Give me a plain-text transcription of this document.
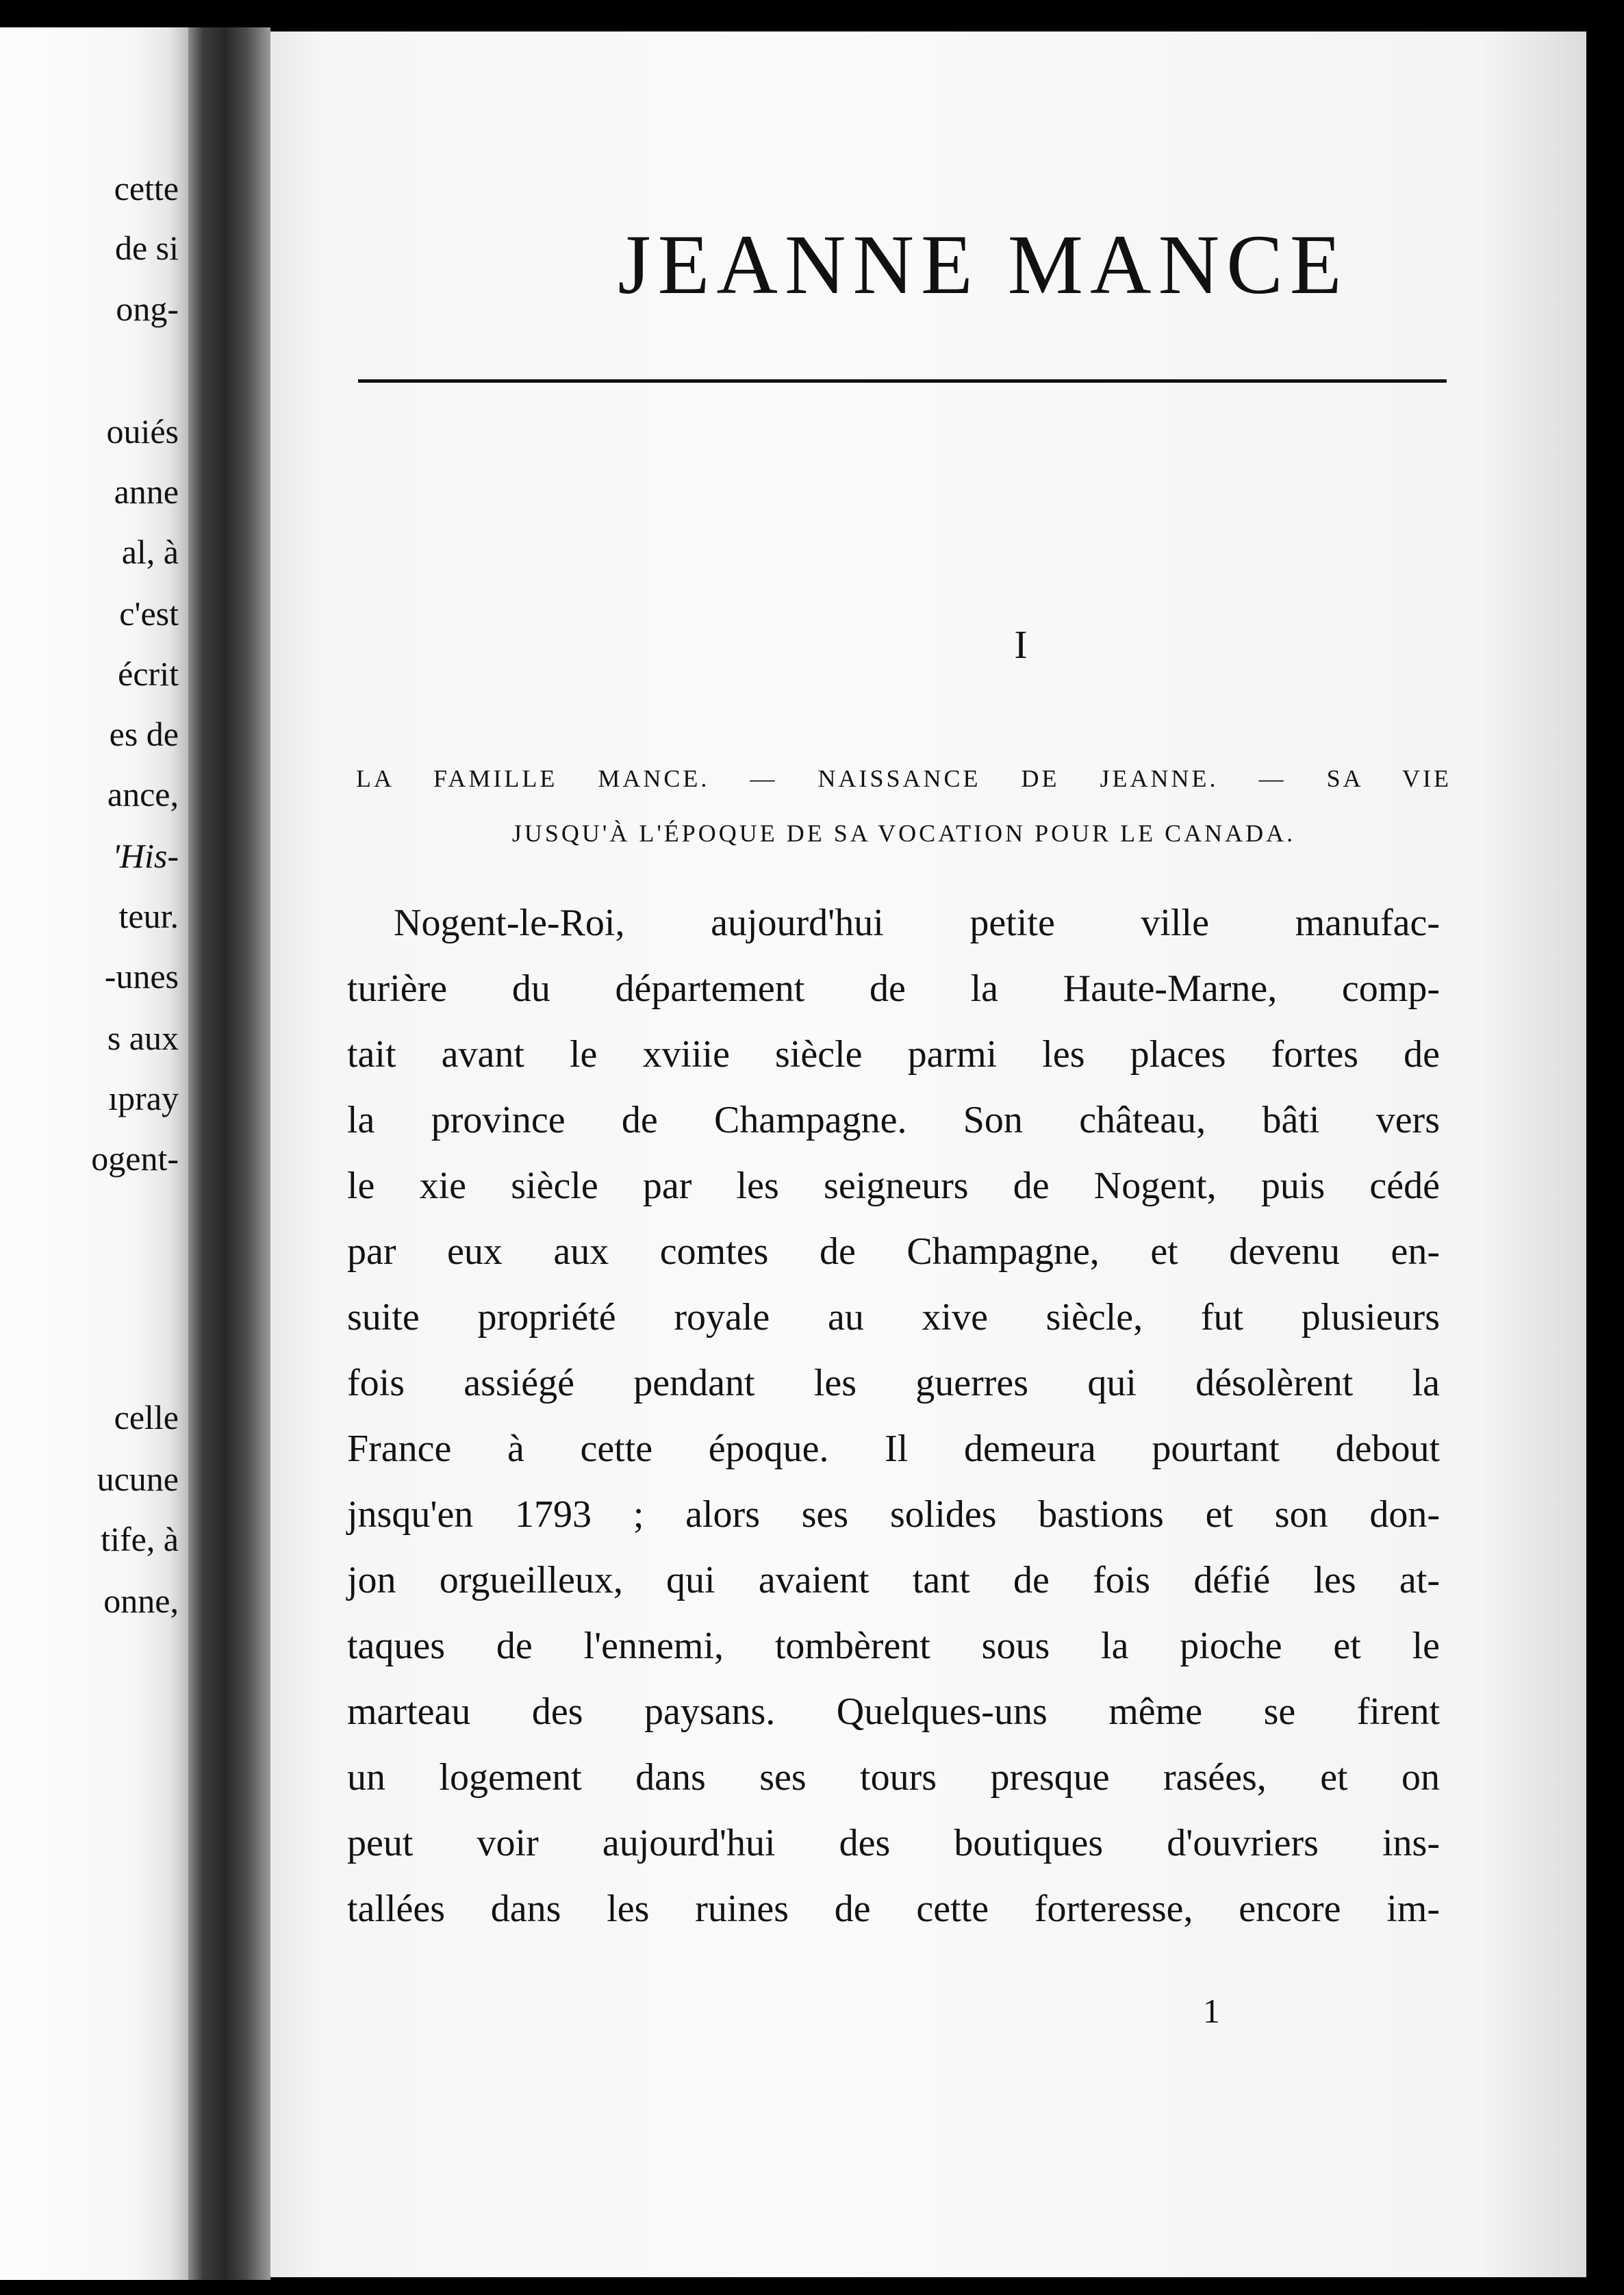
cette

de si

ong-

ouiés

anne

al, à

c'est

écrit

es de

ance,

'His-

teur.

-unes

s aux

ıpray

ogent-

celle

ucune

tife, à

onne,

JEANNE MANCE

I

LA FAMILLE MANCE. — NAISSANCE DE JEANNE. — SA VIE

JUSQU'À L'ÉPOQUE DE SA VOCATION POUR LE CANADA.

Nogent-le-Roi, aujourd'hui petite ville manufac-

turière du département de la Haute-Marne, comp-

tait avant le xviiie siècle parmi les places fortes de

la province de Champagne. Son château, bâti vers

le xie siècle par les seigneurs de Nogent, puis cédé

par eux aux comtes de Champagne, et devenu en-

suite propriété royale au xive siècle, fut plusieurs

fois assiégé pendant les guerres qui désolèrent la

France à cette époque. Il demeura pourtant debout

jnsqu'en 1793 ; alors ses solides bastions et son don-

jon orgueilleux, qui avaient tant de fois défié les at-

taques de l'ennemi, tombèrent sous la pioche et le

marteau des paysans. Quelques-uns même se firent

un logement dans ses tours presque rasées, et on

peut voir aujourd'hui des boutiques d'ouvriers ins-

tallées dans les ruines de cette forteresse, encore im-

1
